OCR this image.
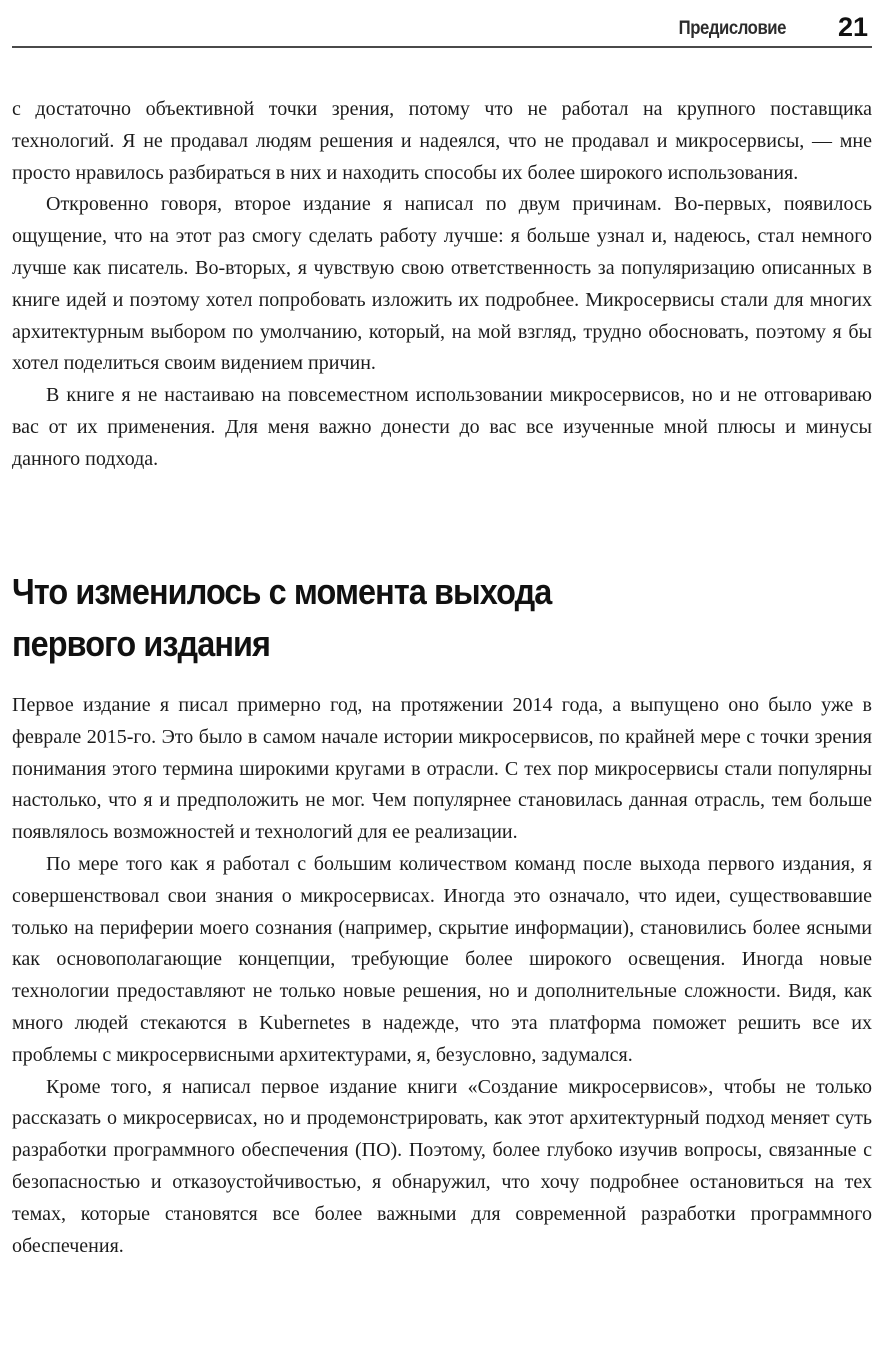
Предисловие 21

с достаточно объективной точки зрения, потому что не работал на крупного поставщика технологий. Я не продавал людям решения и надеялся, что не продавал и микросервисы, — мне просто нравилось разбираться в них и находить способы их более широкого использования.

Откровенно говоря, второе издание я написал по двум причинам. Во-первых, появилось ощущение, что на этот раз смогу сделать работу лучше: я больше узнал и, надеюсь, стал немного лучше как писатель. Во-вторых, я чувствую свою ответственность за популяризацию описанных в книге идей и поэтому хотел попробовать изложить их подробнее. Микросервисы стали для многих архитектурным выбором по умолчанию, который, на мой взгляд, трудно обосновать, поэтому я бы хотел поделиться своим видением причин.

В книге я не настаиваю на повсеместном использовании микросервисов, но и не отговариваю вас от их применения. Для меня важно донести до вас все изученные мной плюсы и минусы данного подхода.

Что изменилось с момента выхода
первого издания

Первое издание я писал примерно год, на протяжении 2014 года, а выпущено оно было уже в феврале 2015-го. Это было в самом начале истории микросервисов, по крайней мере с точки зрения понимания этого термина широкими кругами в отрасли. С тех пор микросервисы стали популярны настолько, что я и предположить не мог. Чем популярнее становилась данная отрасль, тем больше появлялось возможностей и технологий для ее реализации.

По мере того как я работал с большим количеством команд после выхода первого издания, я совершенствовал свои знания о микросервисах. Иногда это означало, что идеи, существовавшие только на периферии моего сознания (например, скрытие информации), становились более ясными как основополагающие концепции, требующие более широкого освещения. Иногда новые технологии предоставляют не только новые решения, но и дополнительные сложности. Видя, как много людей стекаются в Kubernetes в надежде, что эта платформа поможет решить все их проблемы с микросервисными архитектурами, я, безусловно, задумался.

Кроме того, я написал первое издание книги «Создание микросервисов», чтобы не только рассказать о микросервисах, но и продемонстрировать, как этот архитектурный подход меняет суть разработки программного обеспечения (ПО). Поэтому, более глубоко изучив вопросы, связанные с безопасностью и отказоустойчивостью, я обнаружил, что хочу подробнее остановиться на тех темах, которые становятся все более важными для современной разработки программного обеспечения.
